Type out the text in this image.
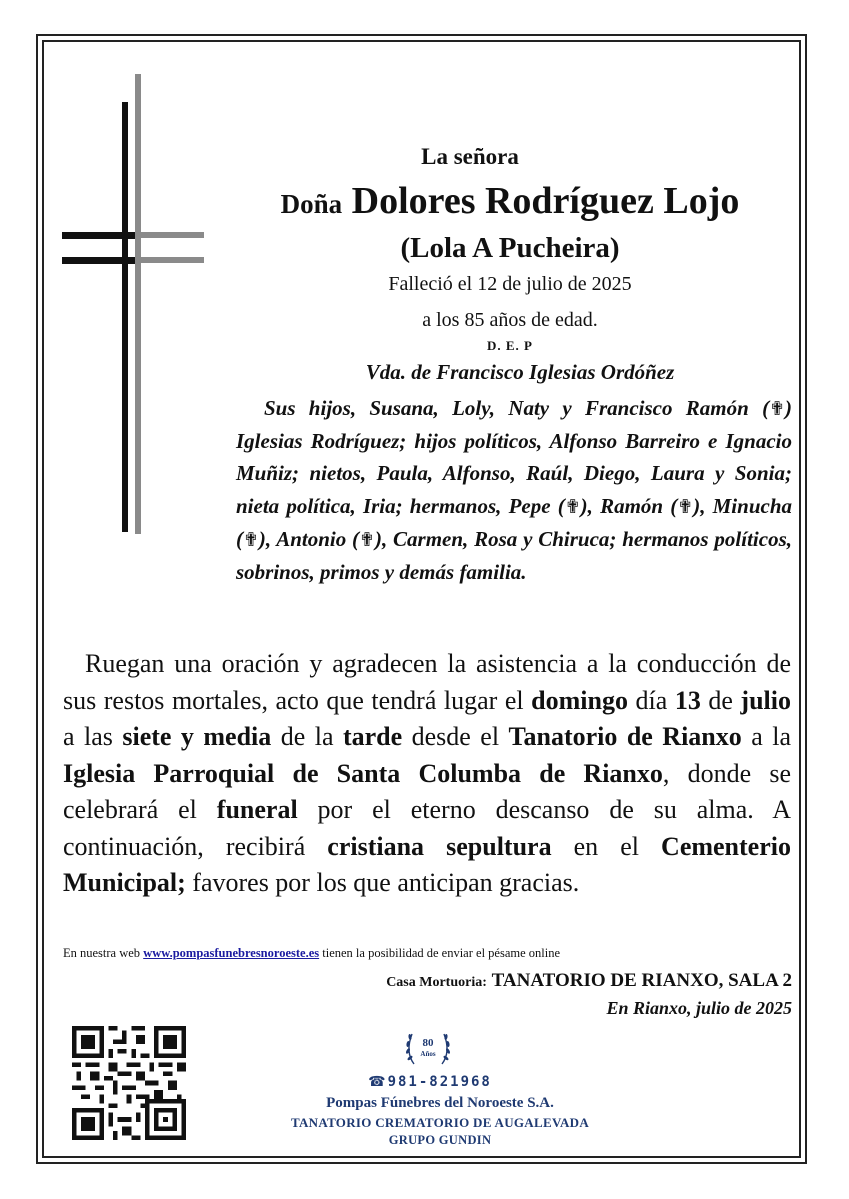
La señora
Doña Dolores Rodríguez Lojo
(Lola A Pucheira)
Falleció el 12 de julio de 2025
a los 85 años de edad.
D. E. P
Vda. de Francisco Iglesias Ordóñez

Sus hijos, Susana, Loly, Naty y Francisco Ramón (✟) Iglesias Rodríguez; hijos políticos, Alfonso Barreiro e Ignacio Muñiz; nietos, Paula, Alfonso, Raúl, Diego, Laura y Sonia; nieta política, Iria; hermanos, Pepe (✟), Ramón (✟), Minucha (✟), Antonio (✟), Carmen, Rosa y Chiruca; hermanos políticos, sobrinos, primos y demás familia.

Ruegan una oración y agradecen la asistencia a la conducción de sus restos mortales, acto que tendrá lugar el domingo día 13 de julio a las siete y media de la tarde desde el Tanatorio de Rianxo a la Iglesia Parroquial de Santa Columba de Rianxo, donde se celebrará el funeral por el eterno descanso de su alma. A continuación, recibirá cristiana sepultura en el Cementerio Municipal; favores por los que anticipan gracias.

En nuestra web www.pompasfunebresnoroeste.es tienen la posibilidad de enviar el pésame online
Casa Mortuoria: TANATORIO DE RIANXO, SALA 2
En Rianxo, julio de 2025
80
Años
☎981-821968
Pompas Fúnebres del Noroeste S.A.
TANATORIO CREMATORIO DE AUGALEVADA
GRUPO GUNDIN
